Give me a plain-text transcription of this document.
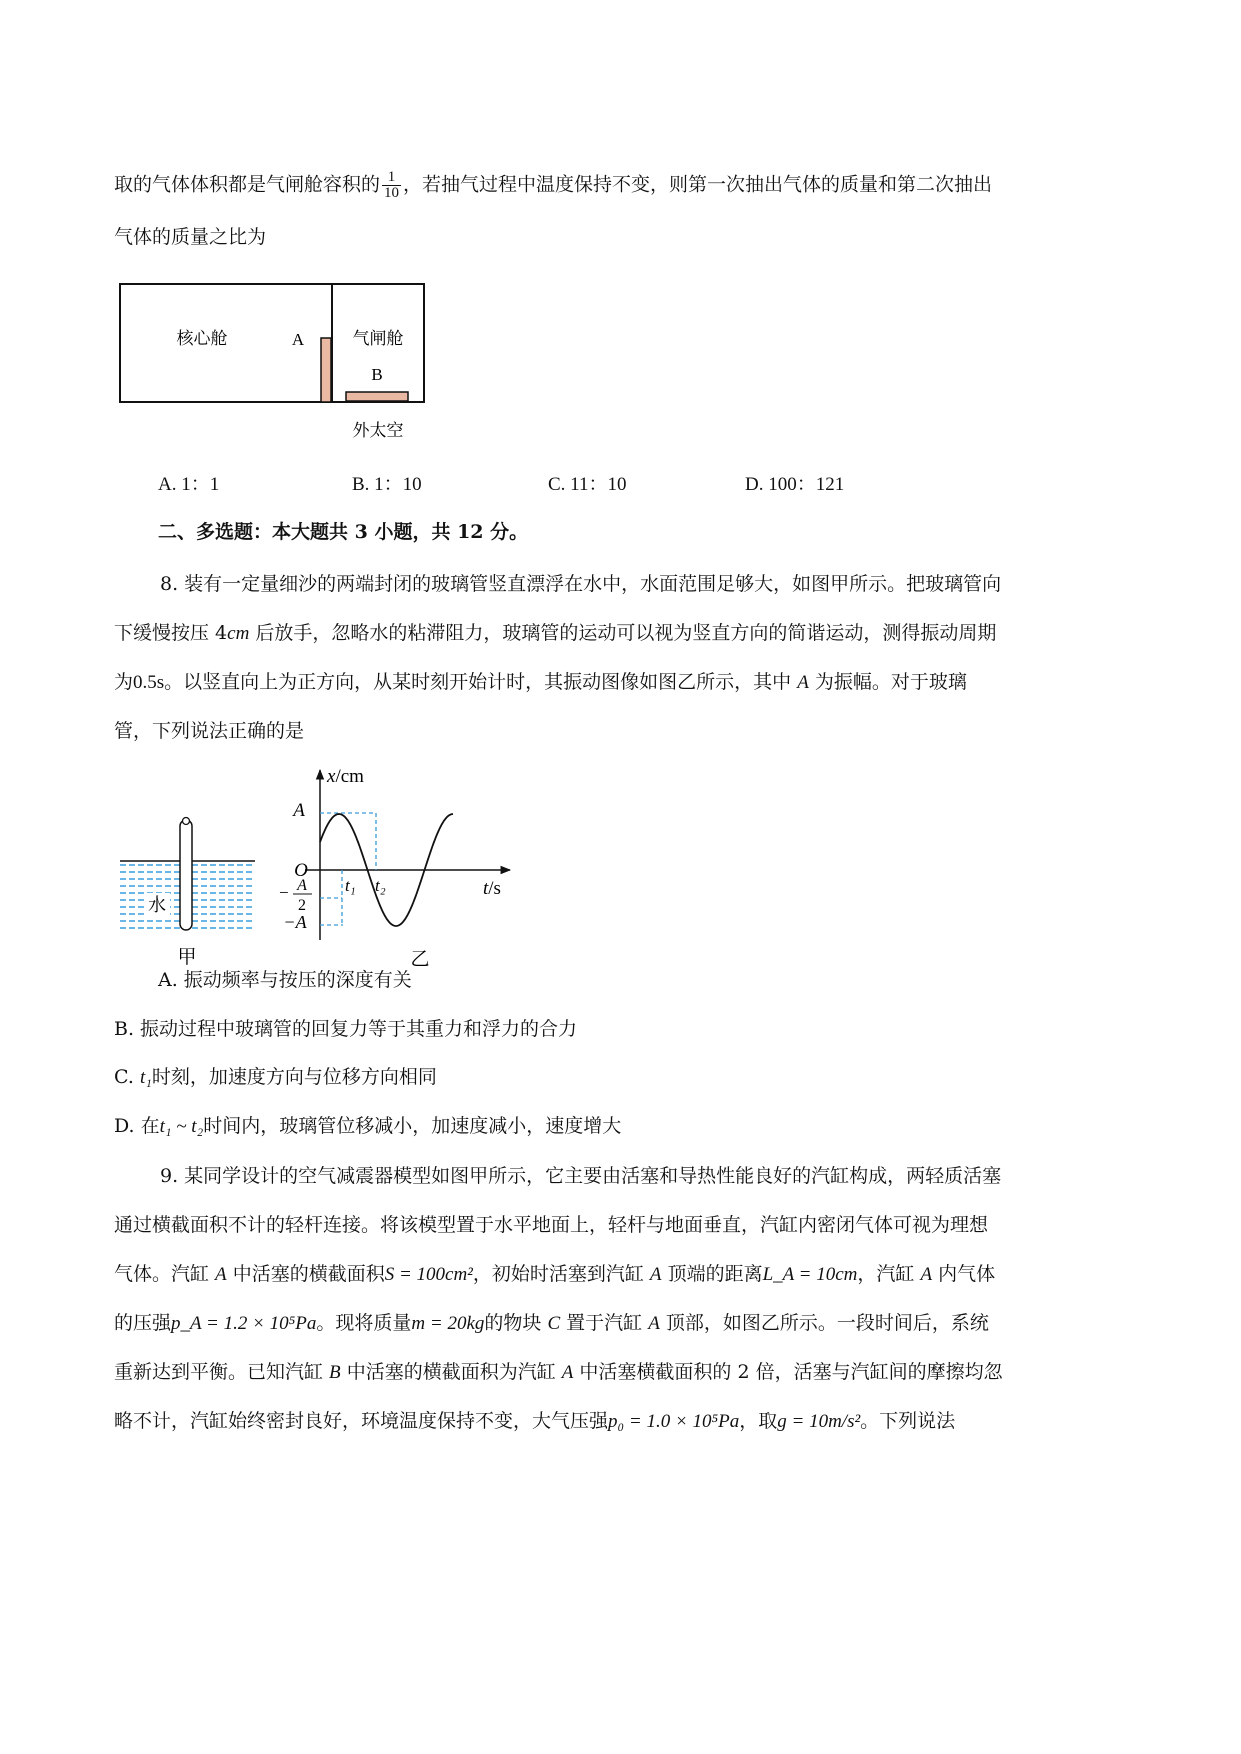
取的气体体积都是气闸舱容积的 $\frac{1}{10}$ ，若抽气过程中温度保持不变，则第一次抽出气体的质量和第二次抽出
气体的质量之比为
核心舱	A	气闸舱
B
外太空
A. 1：1	B. 1：10	C. 11：10	D. 100：121
二、多选题：本大题共 3 小题，共 12 分。
8. 装有一定量细沙的两端封闭的玻璃管竖直漂浮在水中，水面范围足够大，如图甲所示。把玻璃管向
下缓慢按压 4cm 后放手，忽略水的粘滞阻力，玻璃管的运动可以视为竖直方向的简谐运动，测得振动周期
为0.5s。以竖直向上为正方向，从某时刻开始计时，其振动图像如图乙所示，其中 A 为振幅。对于玻璃
管，下列说法正确的是
水
甲
x/cm
t/s
O
A
− A
2
−A
t₁ t₂
乙
A. 振动频率与按压的深度有关
B. 振动过程中玻璃管的回复力等于其重力和浮力的合力
C. t₁时刻，加速度方向与位移方向相同
D. 在t₁ ~ t₂时间内，玻璃管位移减小，加速度减小，速度增大
9. 某同学设计的空气减震器模型如图甲所示，它主要由活塞和导热性能良好的汽缸构成，两轻质活塞
通过横截面积不计的轻杆连接。将该模型置于水平地面上，轻杆与地面垂直，汽缸内密闭气体可视为理想
气体。汽缸 A 中活塞的横截面积S = 100cm²，初始时活塞到汽缸 A 顶端的距离L_A = 10cm，汽缸 A 内气体
的压强p_A = 1.2 × 10⁵Pa。现将质量m = 20kg的物块 C 置于汽缸 A 顶部，如图乙所示。一段时间后，系统
重新达到平衡。已知汽缸 B 中活塞的横截面积为汽缸 A 中活塞横截面积的 2 倍，活塞与汽缸间的摩擦均忽
略不计，汽缸始终密封良好，环境温度保持不变，大气压强p₀ = 1.0 × 10⁵Pa，取g = 10m/s²。下列说法
